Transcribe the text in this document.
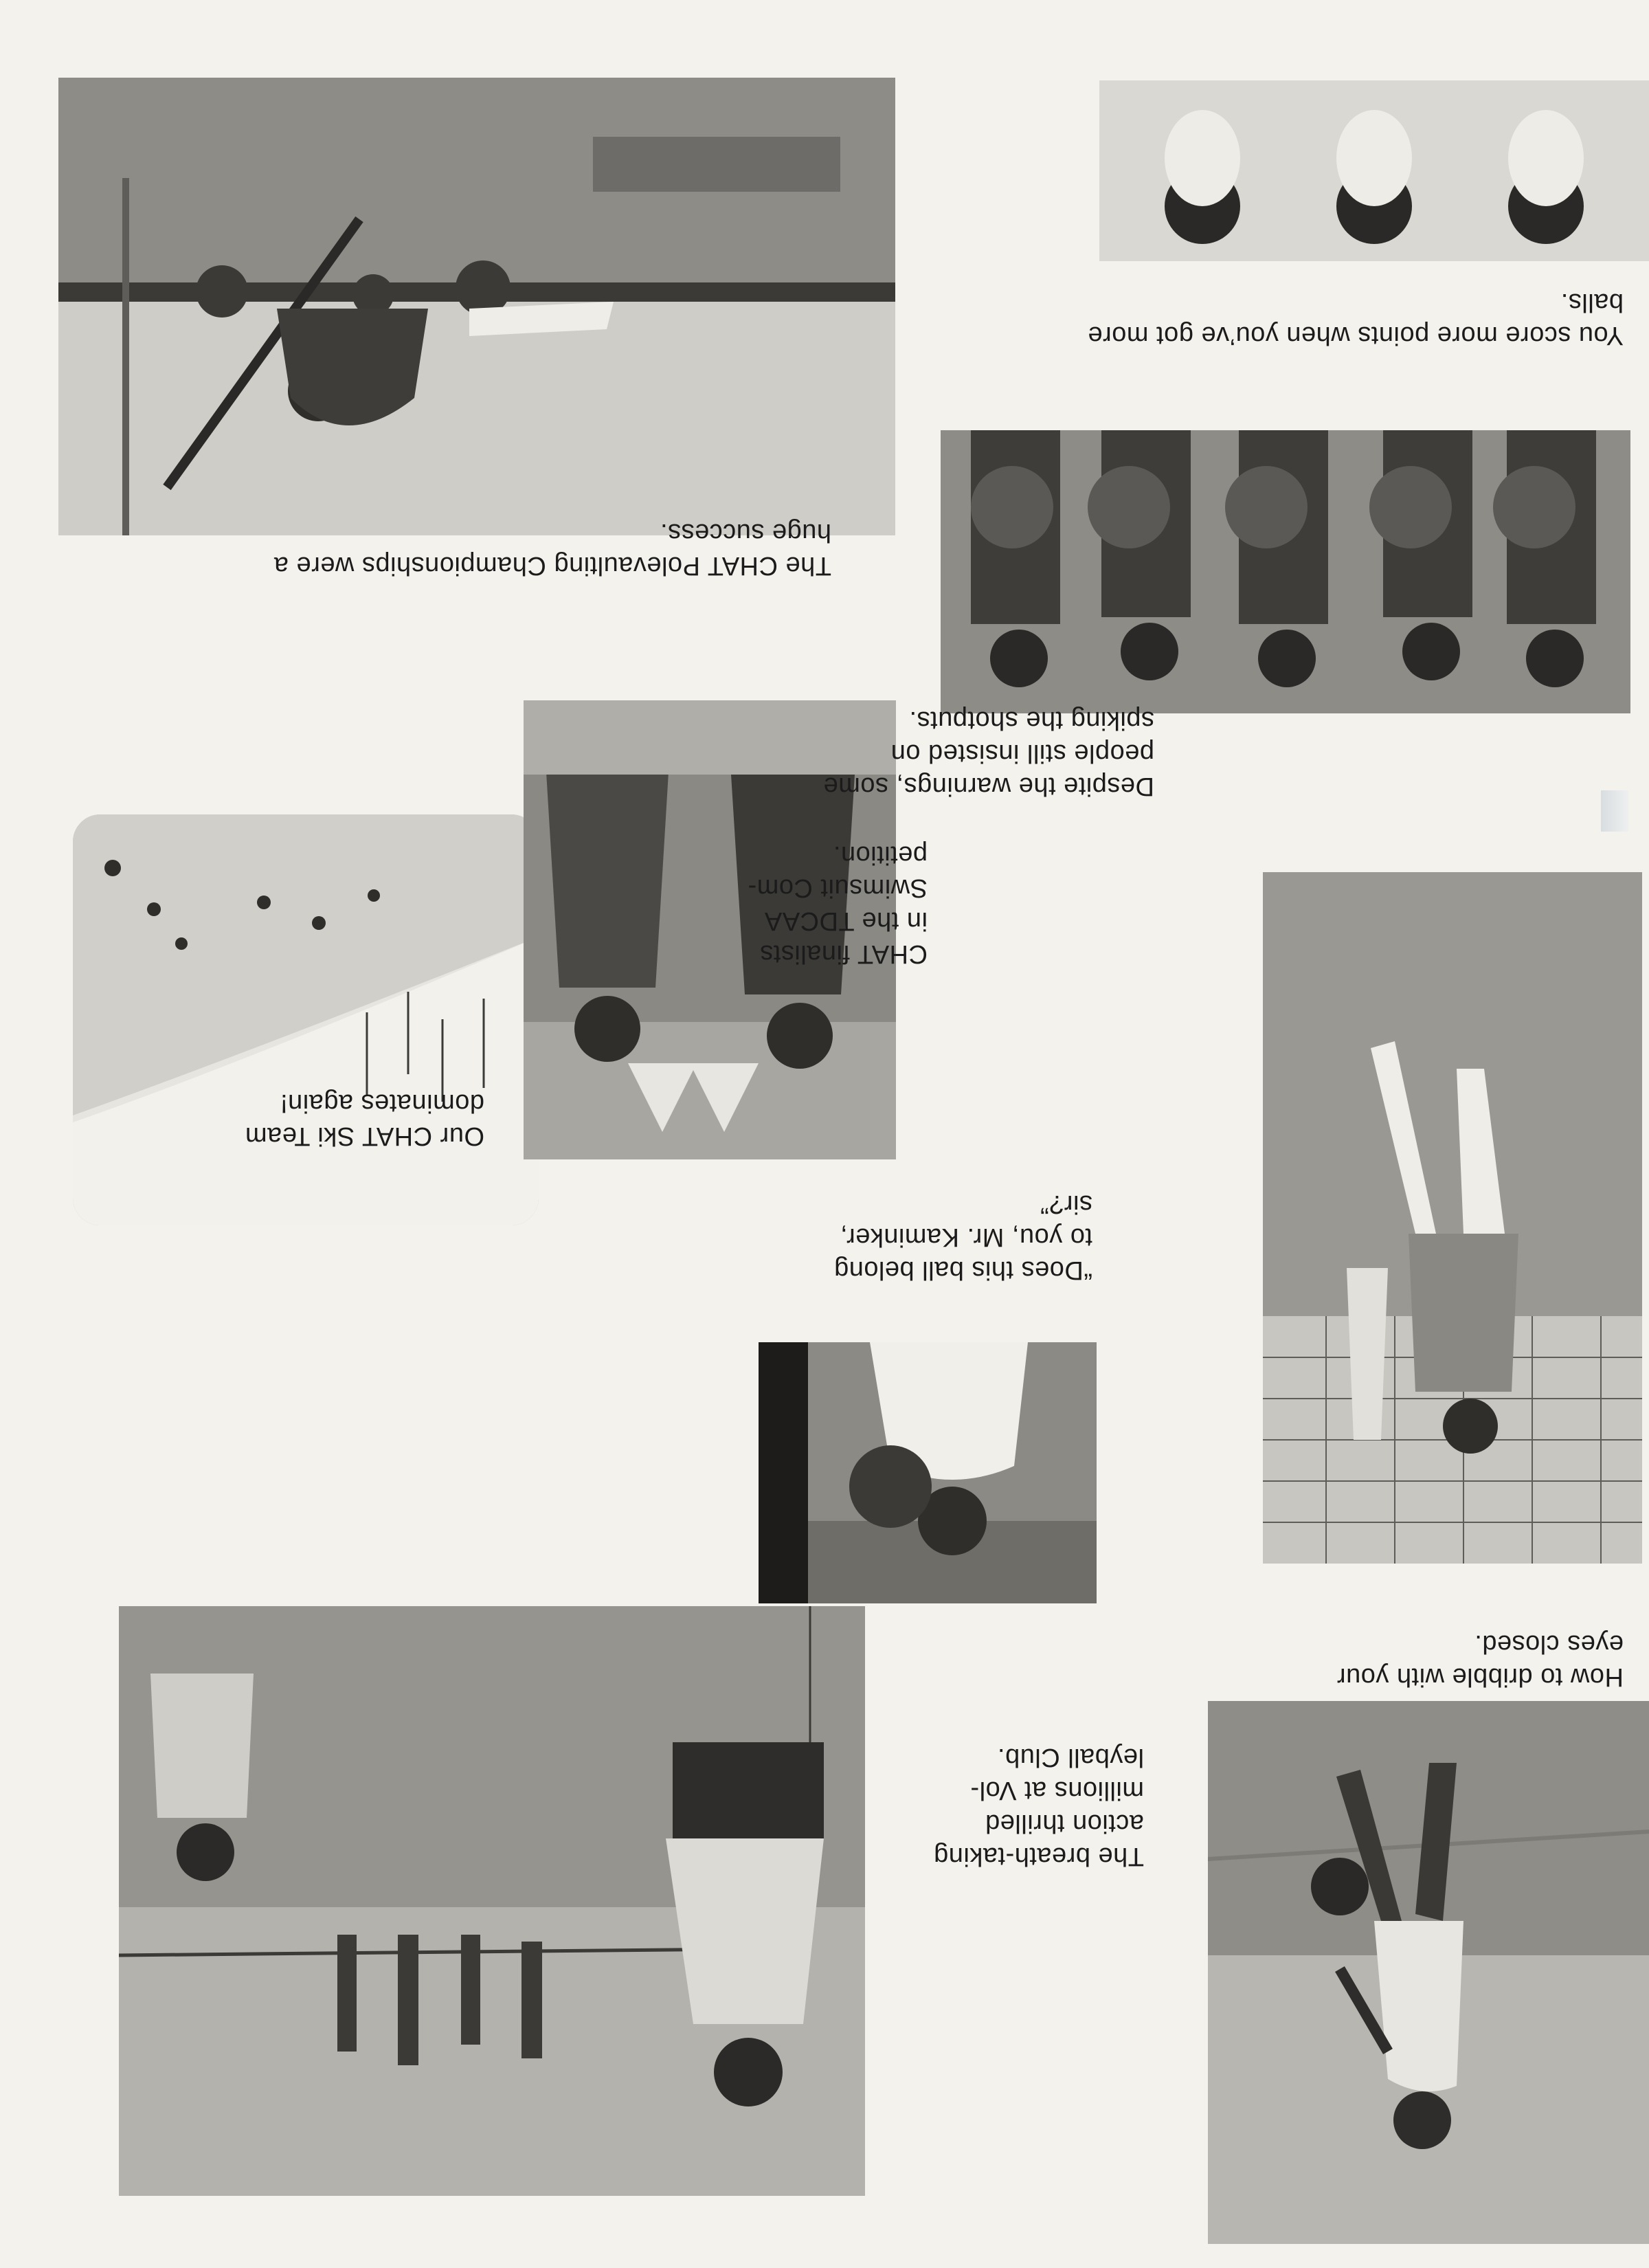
How to dribble with your
eyes closed.

“Does this ball belong
to you, Mr. Kaminker,
sir?”

The breath-taking
action thrilled
millions at Vol-
leyball Club.

Despite the warnings, some
people still insisted on
spiking the shotputs.

Our CHAT Ski Team
dominates again!

CHAT finalists
in the TDCAA
Swimsuit Com-
petition.

You score more points when you’ve got more
balls.

The CHAT Polevaulting Championships were a
huge success.
